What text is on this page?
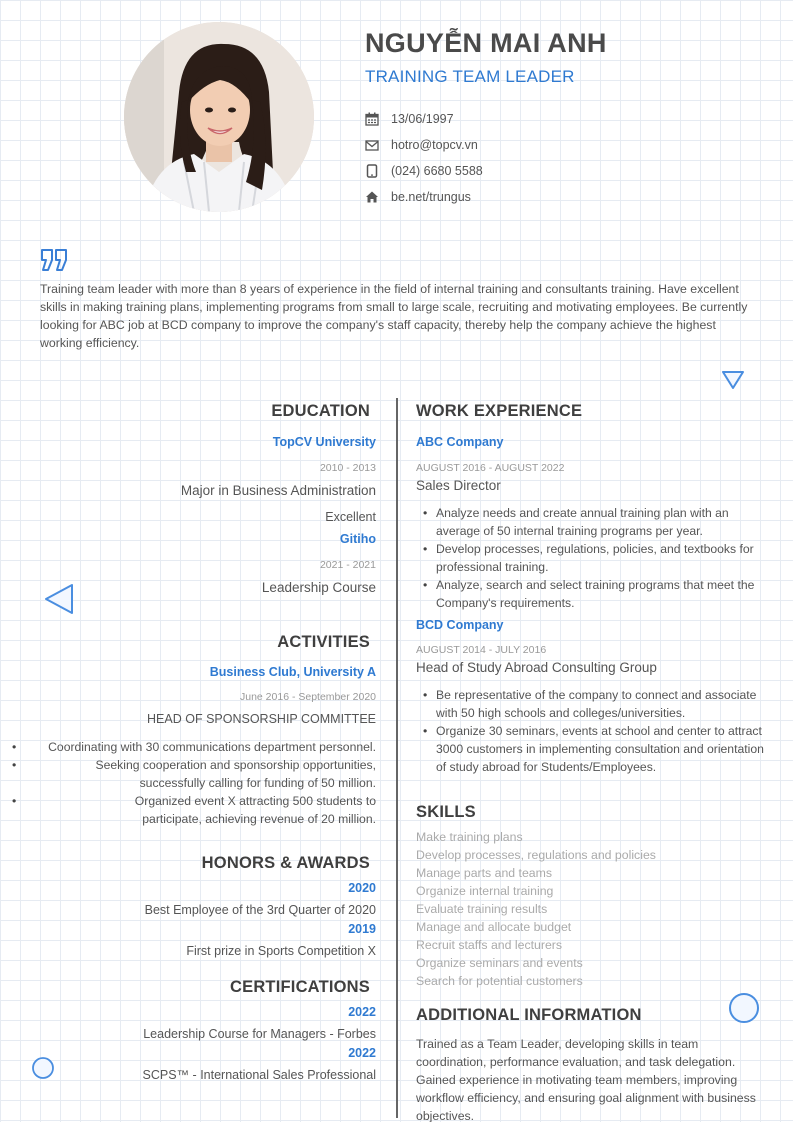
NGUYỄN MAI ANH
TRAINING TEAM LEADER
13/06/1997
hotro@topcv.vn
(024) 6680 5588
be.net/trungus
Training team leader with more than 8 years of experience in the field of internal training and consultants training. Have excellent skills in making training plans, implementing programs from small to large scale, recruiting and motivating employees. Be currently looking for ABC job at BCD company to improve the company's staff capacity, thereby help the company achieve the highest working efficiency.
EDUCATION
TopCV University
2010 - 2013
Major in Business Administration
Excellent
Gitiho
2021 - 2021
Leadership Course
ACTIVITIES
Business Club, University A
June 2016 - September 2020
HEAD OF SPONSORSHIP COMMITTEE
• Coordinating with 30 communications department personnel.
• Seeking cooperation and sponsorship opportunities, successfully calling for funding of 50 million.
• Organized event X attracting 500 students to participate, achieving revenue of 20 million.
HONORS & AWARDS
2020
Best Employee of the 3rd Quarter of 2020
2019
First prize in Sports Competition X
CERTIFICATIONS
2022
Leadership Course for Managers - Forbes
2022
SCPS™ - International Sales Professional
WORK EXPERIENCE
ABC Company
AUGUST 2016 - AUGUST 2022
Sales Director
• Analyze needs and create annual training plan with an average of 50 internal training programs per year.
• Develop processes, regulations, policies, and textbooks for professional training.
• Analyze, search and select training programs that meet the Company's requirements.
BCD Company
AUGUST 2014 - JULY 2016
Head of Study Abroad Consulting Group
• Be representative of the company to connect and associate with 50 high schools and colleges/universities.
• Organize 30 seminars, events at school and center to attract 3000 customers in implementing consultation and orientation of study abroad for Students/Employees.
SKILLS
Make training plans
Develop processes, regulations and policies
Manage parts and teams
Organize internal training
Evaluate training results
Manage and allocate budget
Recruit staffs and lecturers
Organize seminars and events
Search for potential customers
ADDITIONAL INFORMATION
Trained as a Team Leader, developing skills in team coordination, performance evaluation, and task delegation. Gained experience in motivating team members, improving workflow efficiency, and ensuring goal alignment with business objectives.
